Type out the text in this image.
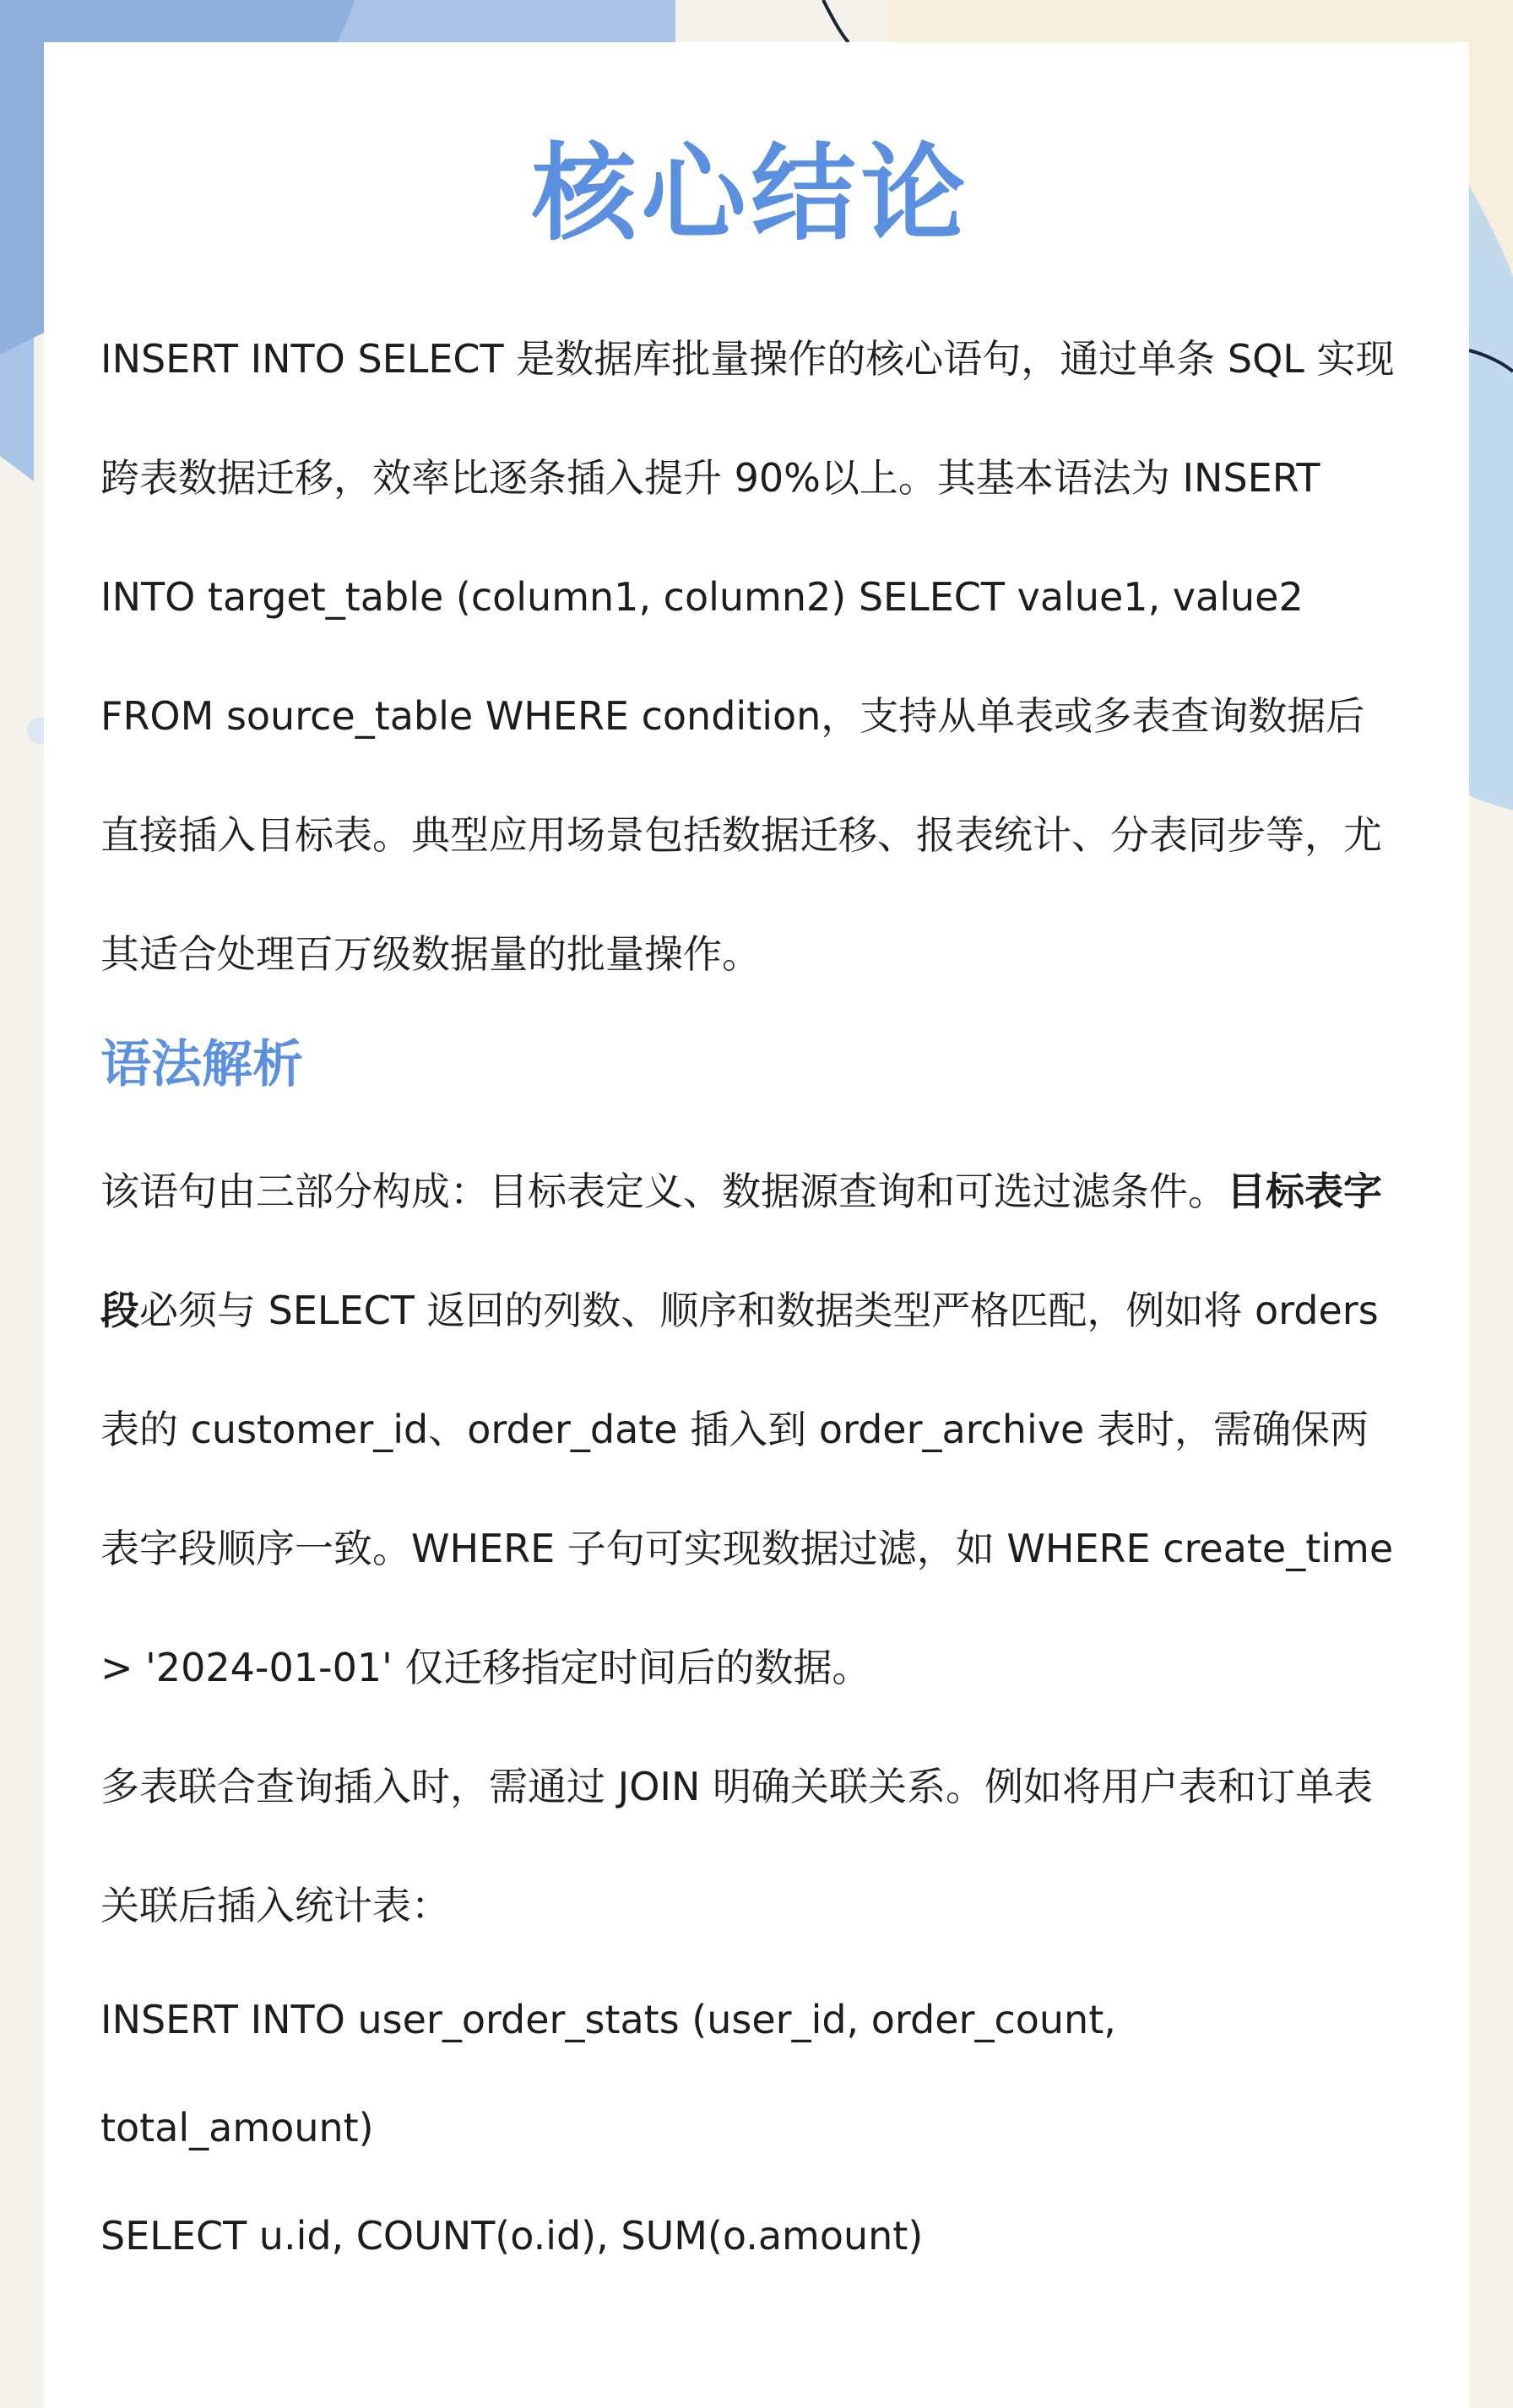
核心结论

INSERT INTO SELECT 是数据库批量操作的核心语句，通过单条 SQL 实现跨表数据迁移，效率比逐条插入提升 90%以上。其基本语法为 INSERT INTO target_table (column1, column2) SELECT value1, value2 FROM source_table WHERE condition，支持从单表或多表查询数据后直接插入目标表。典型应用场景包括数据迁移、报表统计、分表同步等，尤其适合处理百万级数据量的批量操作。

语法解析

该语句由三部分构成：目标表定义、数据源查询和可选过滤条件。目标表字段必须与 SELECT 返回的列数、顺序和数据类型严格匹配，例如将 orders 表的 customer_id、order_date 插入到 order_archive 表时，需确保两表字段顺序一致。WHERE 子句可实现数据过滤，如 WHERE create_time > '2024-01-01' 仅迁移指定时间后的数据。

多表联合查询插入时，需通过 JOIN 明确关联关系。例如将用户表和订单表关联后插入统计表：

INSERT INTO user_order_stats (user_id, order_count, total_amount)

SELECT u.id, COUNT(o.id), SUM(o.amount)
